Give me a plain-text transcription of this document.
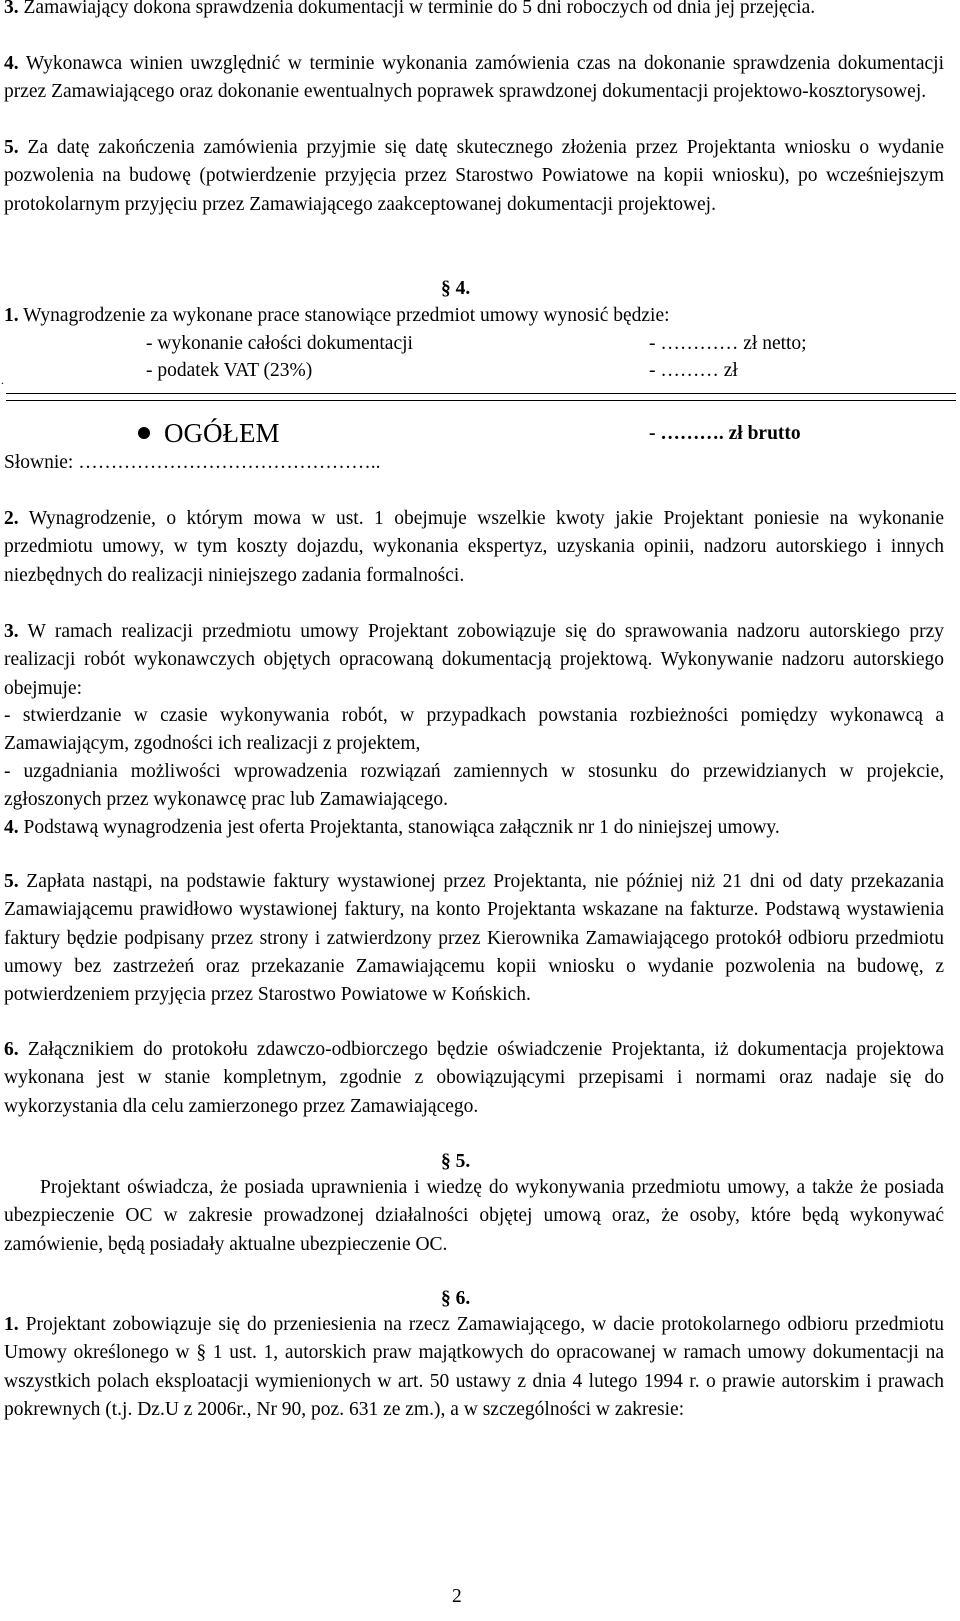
3. Zamawiający dokona sprawdzenia dokumentacji w terminie do 5 dni roboczych od dnia jej przejęcia.

4. Wykonawca winien uwzględnić w terminie wykonania zamówienia czas na dokonanie sprawdzenia dokumentacji przez Zamawiającego oraz dokonanie ewentualnych poprawek sprawdzonej dokumentacji projektowo-kosztorysowej.

5. Za datę zakończenia zamówienia przyjmie się datę skutecznego złożenia przez Projektanta wniosku o wydanie pozwolenia na budowę (potwierdzenie przyjęcia przez Starostwo Powiatowe na kopii wniosku), po wcześniejszym protokolarnym przyjęciu przez Zamawiającego zaakceptowanej dokumentacji projektowej.

§ 4.
1. Wynagrodzenie za wykonane prace stanowiące przedmiot umowy wynosić będzie:
- wykonanie całości dokumentacji	- ………… zł netto;
- podatek VAT (23%)	- ……… zł
.
OGÓŁEM	- ………. zł brutto
Słownie: ………………………………………..

2. Wynagrodzenie, o którym mowa w ust. 1 obejmuje wszelkie kwoty jakie Projektant poniesie na wykonanie przedmiotu umowy, w tym koszty dojazdu, wykonania ekspertyz, uzyskania opinii, nadzoru autorskiego i innych niezbędnych do realizacji niniejszego zadania formalności.

3. W ramach realizacji przedmiotu umowy Projektant zobowiązuje się do sprawowania nadzoru autorskiego przy realizacji robót wykonawczych objętych opracowaną dokumentacją projektową. Wykonywanie nadzoru autorskiego obejmuje:

- stwierdzanie w czasie wykonywania robót, w przypadkach powstania rozbieżności pomiędzy wykonawcą a Zamawiającym, zgodności ich realizacji z projektem,

- uzgadniania możliwości wprowadzenia rozwiązań zamiennych w stosunku do przewidzianych w projekcie, zgłoszonych przez wykonawcę prac lub Zamawiającego.

4. Podstawą wynagrodzenia jest oferta Projektanta, stanowiąca załącznik nr 1 do niniejszej umowy.

5. Zapłata nastąpi, na podstawie faktury wystawionej przez Projektanta, nie później niż 21 dni od daty przekazania Zamawiającemu prawidłowo wystawionej faktury, na konto Projektanta wskazane na fakturze. Podstawą wystawienia faktury będzie podpisany przez strony i zatwierdzony przez Kierownika Zamawiającego protokół odbioru przedmiotu umowy bez zastrzeżeń oraz przekazanie Zamawiającemu kopii wniosku o wydanie pozwolenia na budowę, z potwierdzeniem przyjęcia przez Starostwo Powiatowe w Końskich.

6. Załącznikiem do protokołu zdawczo-odbiorczego będzie oświadczenie Projektanta, iż dokumentacja projektowa wykonana jest w stanie kompletnym, zgodnie z obowiązującymi przepisami i normami oraz nadaje się do wykorzystania dla celu zamierzonego przez Zamawiającego.

§ 5.

Projektant oświadcza, że posiada uprawnienia i wiedzę do wykonywania przedmiotu umowy, a także że posiada ubezpieczenie OC w zakresie prowadzonej działalności objętej umową oraz, że osoby, które będą wykonywać zamówienie, będą posiadały aktualne ubezpieczenie OC.

§ 6.

1. Projektant zobowiązuje się do przeniesienia na rzecz Zamawiającego, w dacie protokolarnego odbioru przedmiotu Umowy określonego w § 1 ust. 1, autorskich praw majątkowych do opracowanej w ramach umowy dokumentacji na wszystkich polach eksploatacji wymienionych w art. 50 ustawy z dnia 4 lutego 1994 r. o prawie autorskim i prawach pokrewnych (t.j. Dz.U z 2006r., Nr 90, poz. 631 ze zm.), a w szczególności w zakresie:

2
